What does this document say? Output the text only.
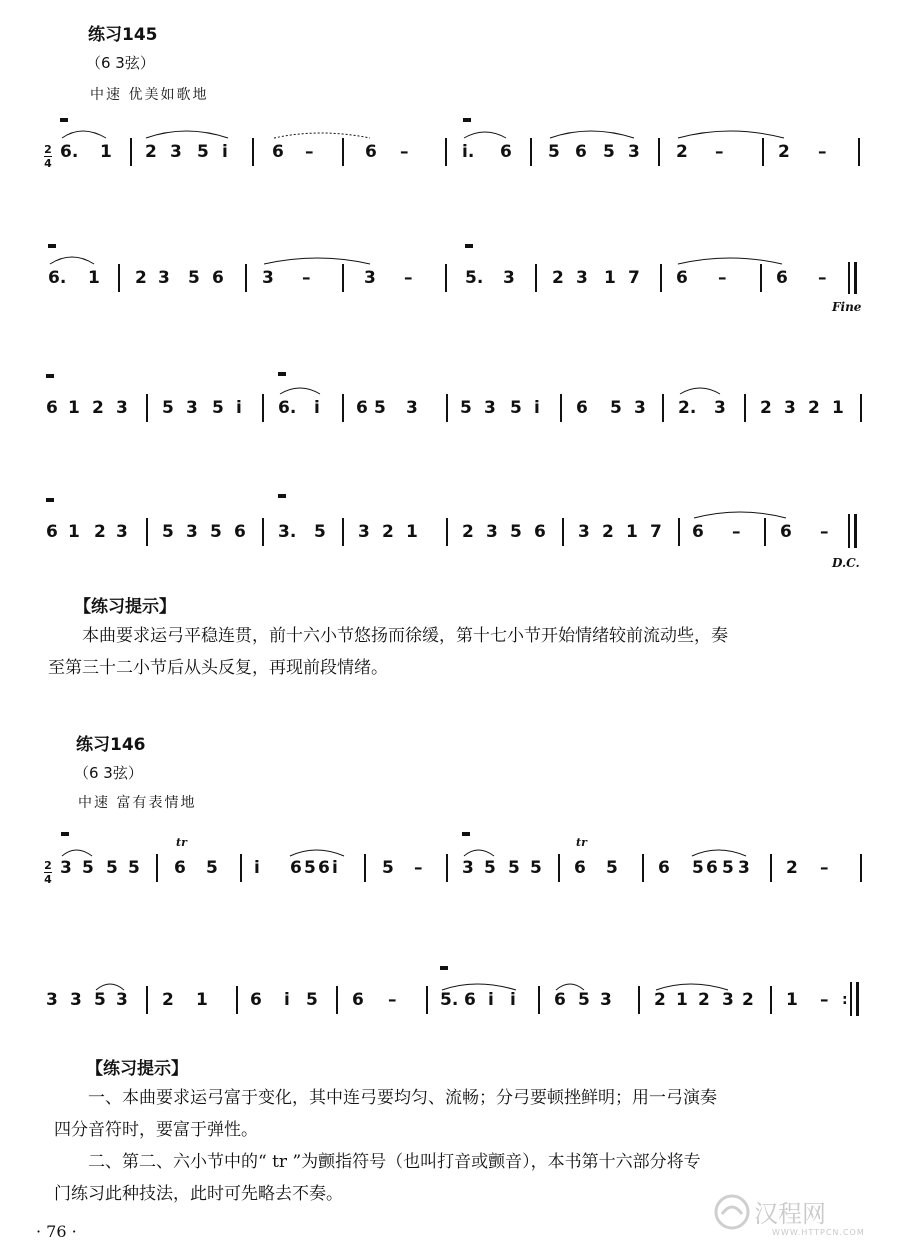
练习145
（6 3弦）
中速 优美如歌地
2
4
6. 1 2 3 5 i	6 –	6 –	i. 6 5 6 5 3 2 –	2 –
6. 1 2 3 5 6 3 –	3 –	5. 3 2 3 1 7 6 –	6 –
Fine
6 1 2 3 5 3 5 i 6. i 6 5 3 5 3 5 i 6 5 3 2. 3 2 3 2 1
6 1 2 3 5 3 5 6 3. 5 3 2 1	2 3 5 6 3 2 1 7 6 – 6 –
D.C.
【练习提示】
本曲要求运弓平稳连贯，前十六小节悠扬而徐缓，第十七小节开始情绪较前流动些，奏
至第三十二小节后从头反复，再现前段情绪。
练习146
（6 3弦）
中速 富有表情地
2
4
3 5 5 5 6 5 i 6 5 6 i	5 – 3 5 5 5 6 5 6 5 6 5 3 2 –
tr	tr
3 3 5 3 2 1 6 i 5 6 –	5. 6 i i 6 5 3 2 1 2 3 2 1 – :
【练习提示】
一、本曲要求运弓富于变化，其中连弓要均匀、流畅；分弓要顿挫鲜明；用一弓演奏
四分音符时，要富于弹性。
二、第二、六小节中的“ tr ”为颤指符号（也叫打音或颤音），本书第十六部分将专
门练习此种技法，此时可先略去不奏。
· 76 ·
汉程网
WWW.HTTPCN.COM
